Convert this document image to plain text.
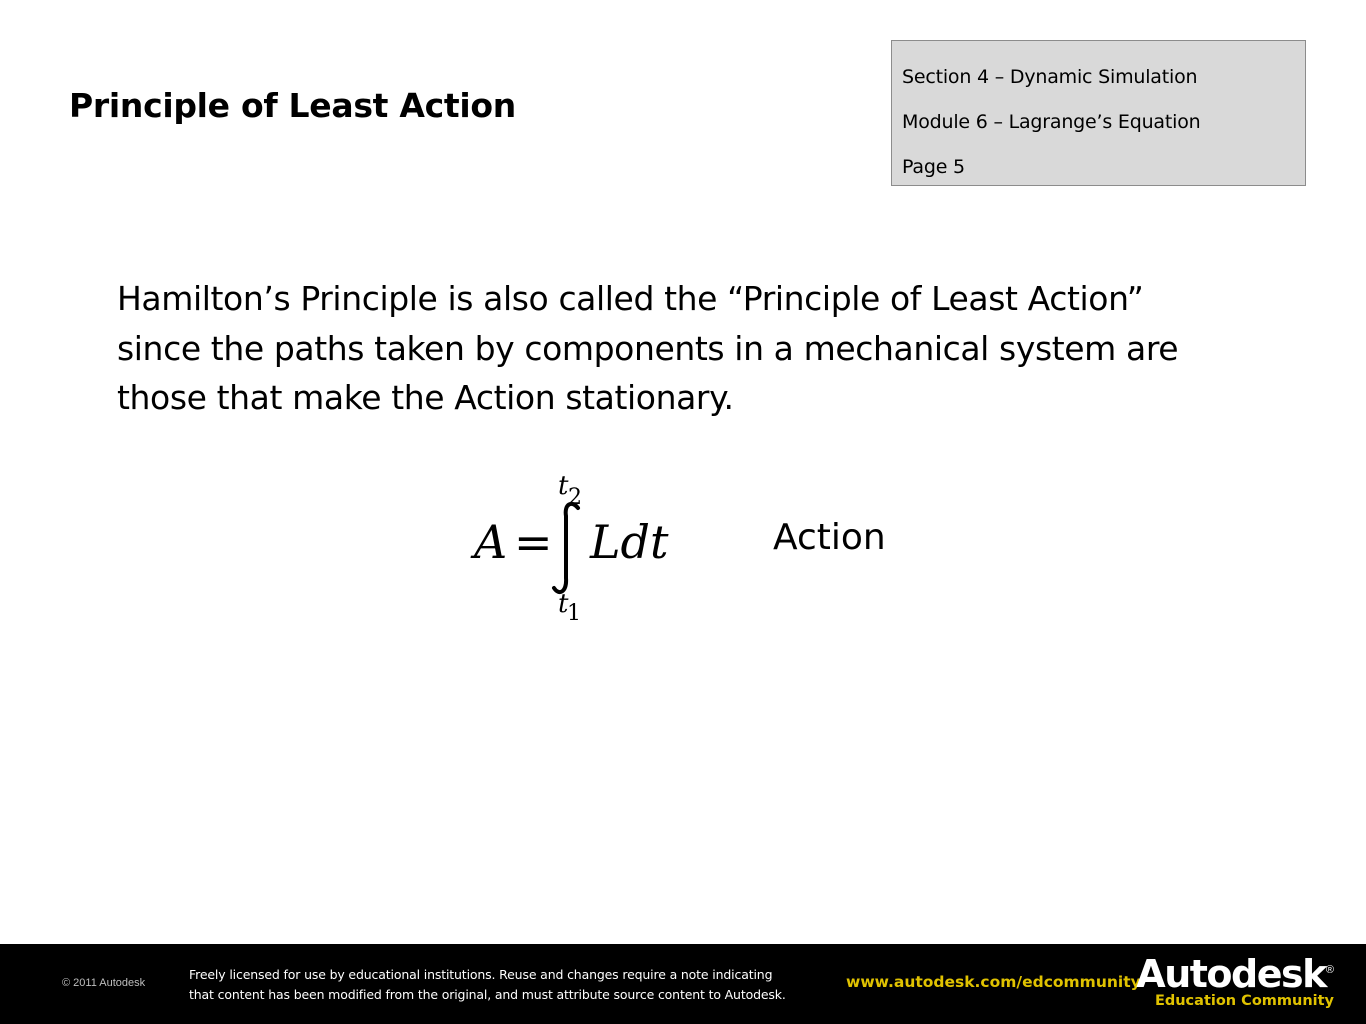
Principle of Least Action
Section 4 – Dynamic Simulation
Module 6 – Lagrange’s Equation
Page 5
Hamilton’s Principle is also called the “Principle of Least Action” since the paths taken by components in a mechanical system are those that make the Action stationary.
A =
t 2
t
1
Ldt	Action
© 2011 Autodesk
Freely licensed for use by educational institutions. Reuse and changes require a note indicating
that content has been modified from the original, and must attribute source content to Autodesk.
www.autodesk.com/edcommunity
Autodesk®
Education Community
